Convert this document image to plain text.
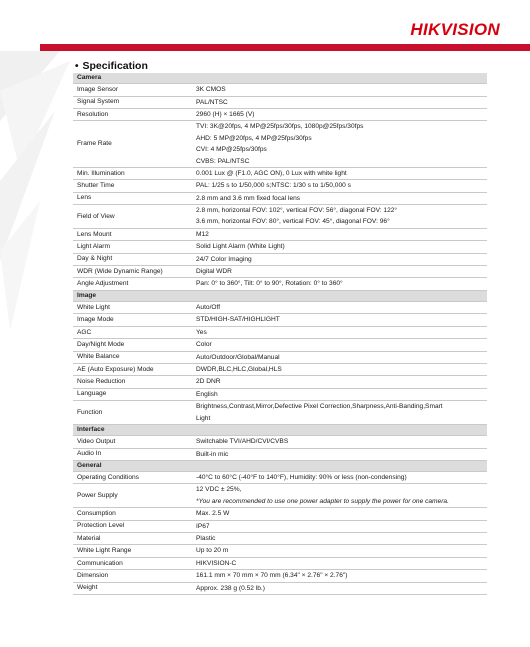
HIKVISION
• Specification
Camera	
Image Sensor	3K CMOS

Signal System	PAL/NTSC

Resolution	2960 (H) × 1665 (V)

Frame Rate	TVI: 3K@20fps, 4 MP@25fps/30fps, 1080p@25fps/30fps
AHD: 5 MP@20fps, 4 MP@25fps/30fps
CVI: 4 MP@25fps/30fps
CVBS: PAL/NTSC

Min. Illumination	0.001 Lux @ (F1.0, AGC ON), 0 Lux with white light

Shutter Time	PAL: 1/25 s to 1/50,000 s;NTSC: 1/30 s to 1/50,000 s

Lens	2.8 mm and 3.6 mm fixed focal lens

Field of View	2.8 mm, horizontal FOV: 102°, vertical FOV: 56°, diagonal FOV: 122°
3.6 mm, horizontal FOV: 80°, vertical FOV: 45°, diagonal FOV: 96°

Lens Mount	M12

Light Alarm	Solid Light Alarm (White Light)

Day & Night	24/7 Color Imaging

WDR (Wide Dynamic Range)	Digital WDR

Angle Adjustment	Pan: 0° to 360°, Tilt: 0° to 90°, Rotation: 0° to 360°

Image	
White Light	Auto/Off

Image Mode	STD/HIGH-SAT/HIGHLIGHT

AGC	Yes

Day/Night Mode	Color

White Balance	Auto/Outdoor/Global/Manual

AE (Auto Exposure) Mode	DWDR,BLC,HLC,Global,HLS

Noise Reduction	2D DNR

Language	English

Function	Brightness,Contrast,Mirror,Defective Pixel Correction,Sharpness,Anti-Banding,Smart
Light

Interface	
Video Output	Switchable TVI/AHD/CVI/CVBS

Audio In	Built-in mic

General	
Operating Conditions	-40°C to 60°C (-40°F to 140°F), Humidity: 90% or less (non-condensing)

Power Supply	12 VDC ± 25%,
*You are recommended to use one power adapter to supply the power for one camera.

Consumption	Max. 2.5 W

Protection Level	IP67

Material	Plastic

White Light Range	Up to 20 m

Communication	HIKVISION-C

Dimension	161.1 mm × 70 mm × 70 mm (6.34" × 2.76" × 2.76")

Weight	Approx. 238 g (0.52 lb.)
